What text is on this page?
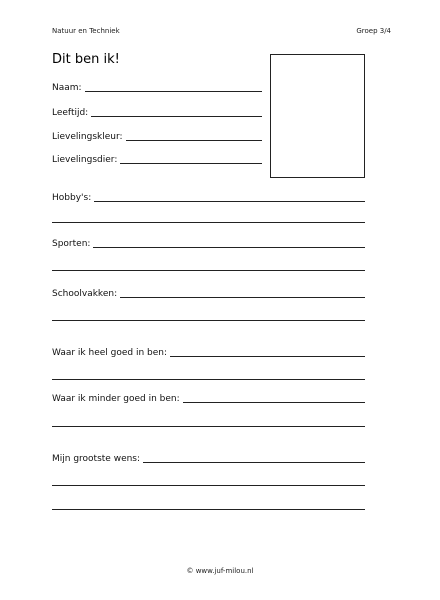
Natuur en Techniek	Groep 3/4
Dit ben ik!
Naam:
Leeftijd:
Lievelingskleur:
Lievelingsdier:
Hobby's:
Sporten:
Schoolvakken:
Waar ik heel goed in ben:
Waar ik minder goed in ben:
Mijn grootste wens:
© www.juf-milou.nl
